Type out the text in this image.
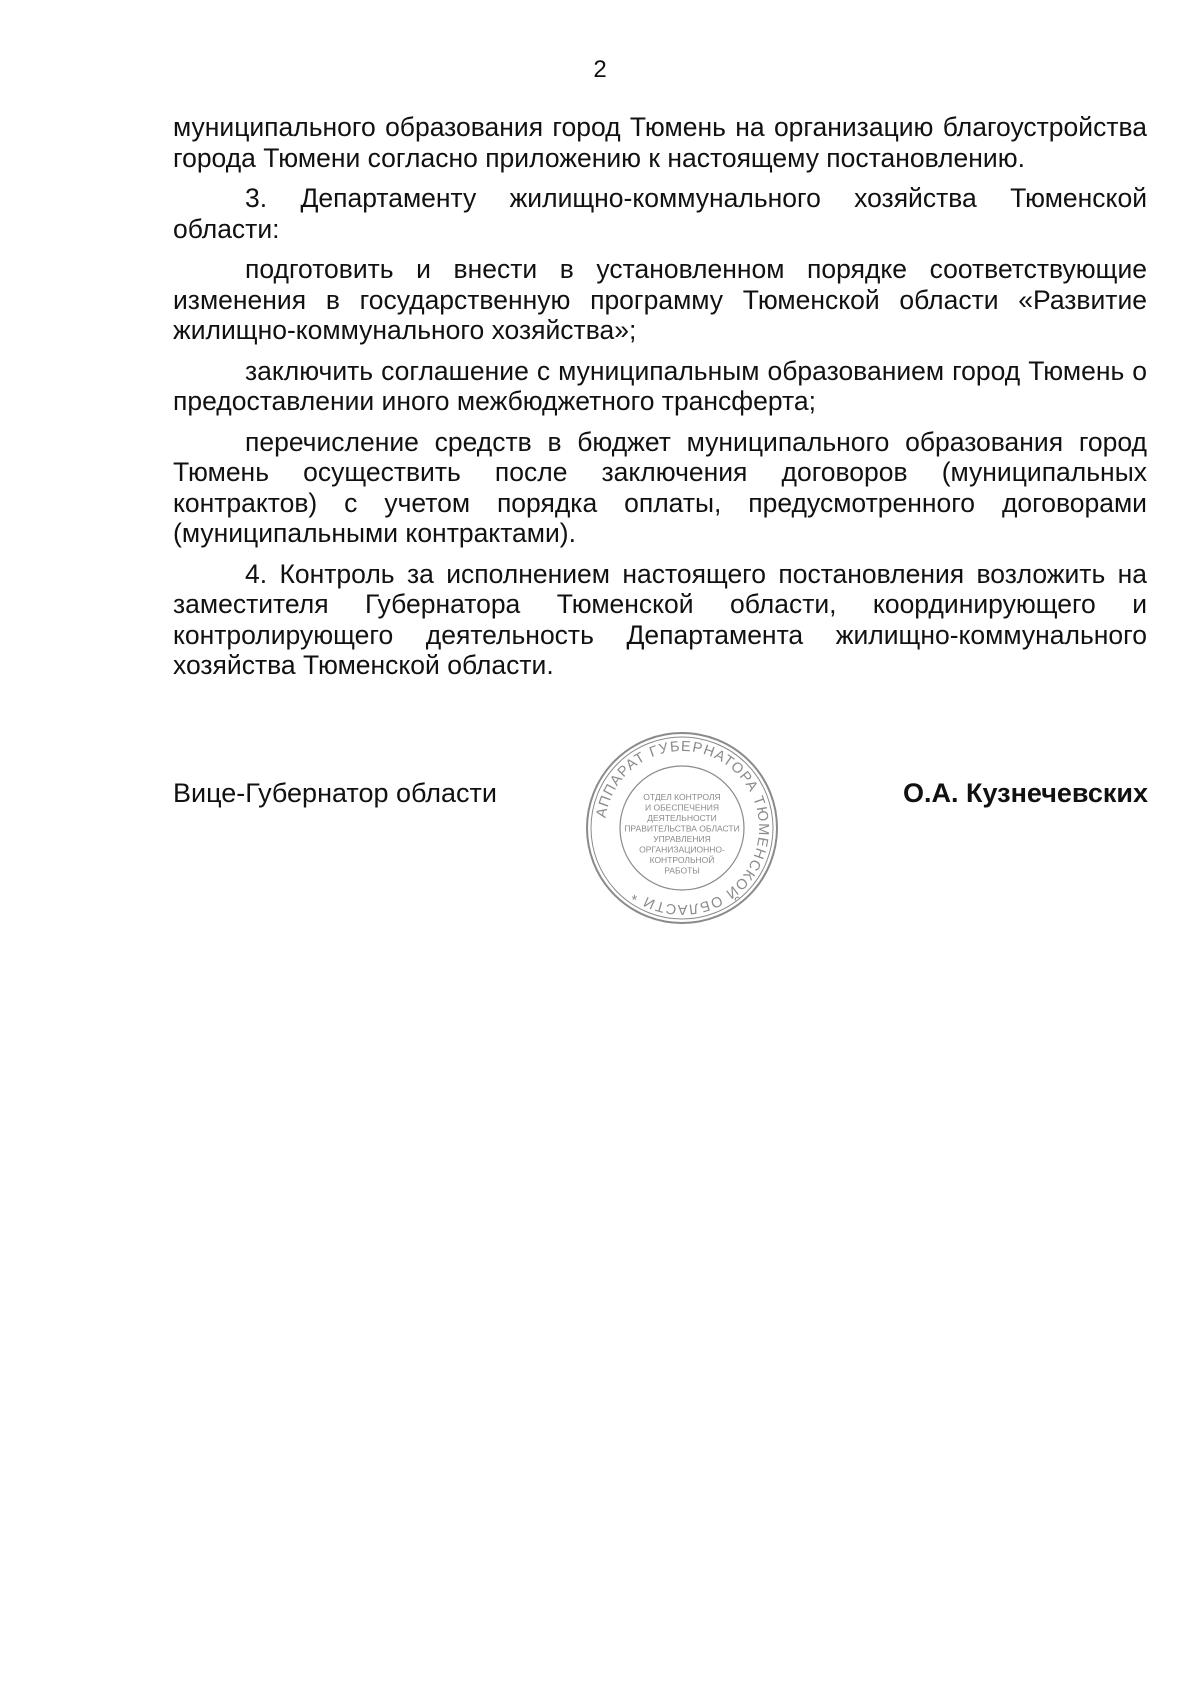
2

муниципального образования город Тюмень на организацию благоустройства города Тюмени согласно приложению к настоящему постановлению.

3. Департаменту жилищно-коммунального хозяйства Тюменской области:

подготовить и внести в установленном порядке соответствующие изменения в государственную программу Тюменской области «Развитие жилищно-коммунального хозяйства»;

заключить соглашение с муниципальным образованием город Тюмень о предоставлении иного межбюджетного трансферта;

перечисление средств в бюджет муниципального образования город Тюмень осуществить после заключения договоров (муниципальных контрактов) с учетом порядка оплаты, предусмотренного договорами (муниципальными контрактами).

4. Контроль за исполнением настоящего постановления возложить на заместителя Губернатора Тюменской области, координирующего и контролирующего деятельность Департамента жилищно-коммунального хозяйства Тюменской области.

Вице-Губернатор области	О.А. Кузнечевских
АППАРАТ ГУБЕРНАТОРА ТЮМЕНСКОЙ ОБЛАСТИ *
ОТДЕЛ КОНТРОЛЯ
И ОБЕСПЕЧЕНИЯ
ДЕЯТЕЛЬНОСТИ
ПРАВИТЕЛЬСТВА ОБЛАСТИ
УПРАВЛЕНИЯ
ОРГАНИЗАЦИОННО-
КОНТРОЛЬНОЙ
РАБОТЫ
